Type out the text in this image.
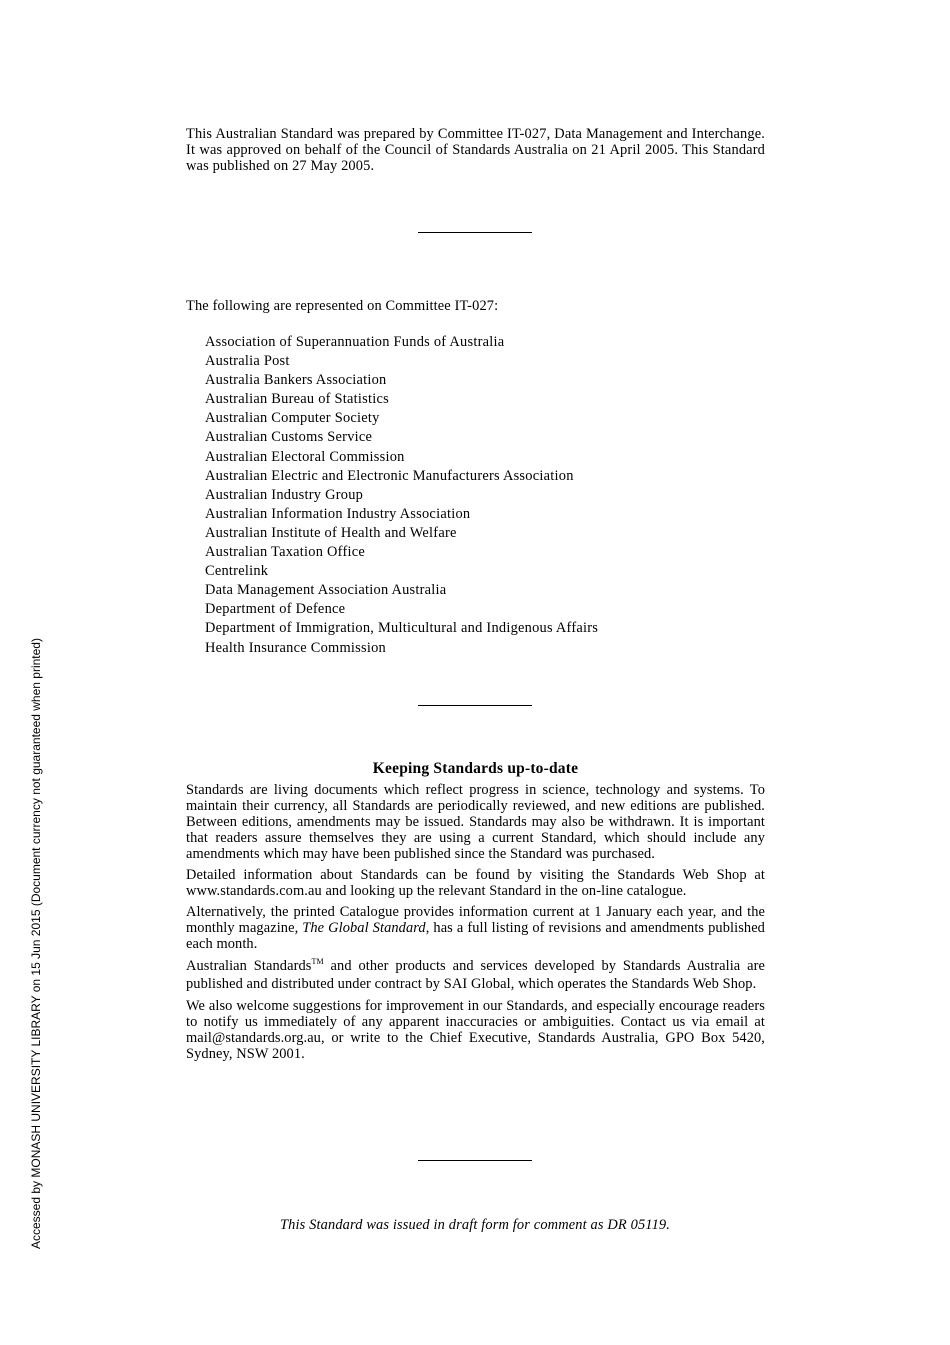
Accessed by MONASH UNIVERSITY LIBRARY on 15 Jun 2015 (Document currency not guaranteed when printed)

This Australian Standard was prepared by Committee IT-027, Data Management and Interchange. It was approved on behalf of the Council of Standards Australia on 21 April 2005. This Standard was published on 27 May 2005.

The following are represented on Committee IT-027:
Association of Superannuation Funds of Australia
Australia Post
Australia Bankers Association
Australian Bureau of Statistics
Australian Computer Society
Australian Customs Service
Australian Electoral Commission
Australian Electric and Electronic Manufacturers Association
Australian Industry Group
Australian Information Industry Association
Australian Institute of Health and Welfare
Australian Taxation Office
Centrelink
Data Management Association Australia
Department of Defence
Department of Immigration, Multicultural and Indigenous Affairs
Health Insurance Commission
Keeping Standards up-to-date

Standards are living documents which reflect progress in science, technology and systems. To maintain their currency, all Standards are periodically reviewed, and new editions are published. Between editions, amendments may be issued. Standards may also be withdrawn. It is important that readers assure themselves they are using a current Standard, which should include any amendments which may have been published since the Standard was purchased.

Detailed information about Standards can be found by visiting the Standards Web Shop at www.standards.com.au and looking up the relevant Standard in the on-line catalogue.

Alternatively, the printed Catalogue provides information current at 1 January each year, and the monthly magazine, The Global Standard, has a full listing of revisions and amendments published each month.

Australian Standards™ and other products and services developed by Standards Australia are published and distributed under contract by SAI Global, which operates the Standards Web Shop.

We also welcome suggestions for improvement in our Standards, and especially encourage readers to notify us immediately of any apparent inaccuracies or ambiguities. Contact us via email at mail@standards.org.au, or write to the Chief Executive, Standards Australia, GPO Box 5420, Sydney, NSW 2001.

This Standard was issued in draft form for comment as DR 05119.
